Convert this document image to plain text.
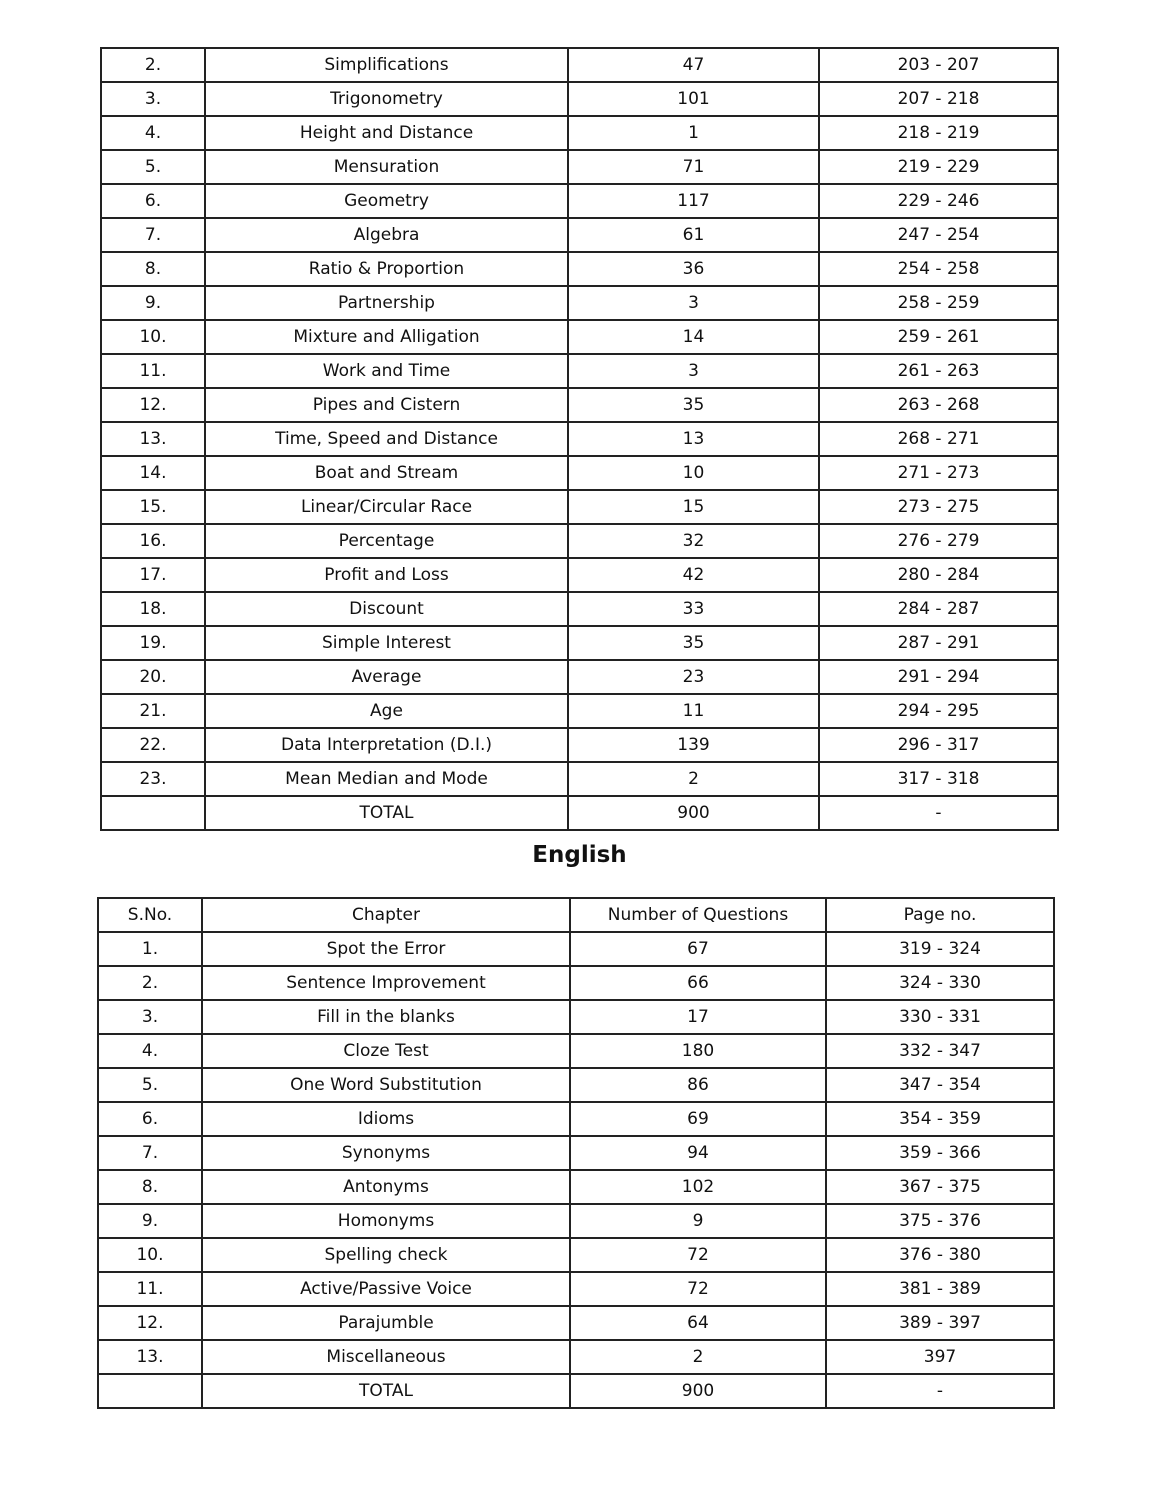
2.	Simplifications	47	203 - 207
3.	Trigonometry	101	207 - 218
4.	Height and Distance	1	218 - 219
5.	Mensuration	71	219 - 229
6.	Geometry	117	229 - 246
7.	Algebra	61	247 - 254
8.	Ratio & Proportion	36	254 - 258
9.	Partnership	3	258 - 259
10.	Mixture and Alligation	14	259 - 261
11.	Work and Time	3	261 - 263
12.	Pipes and Cistern	35	263 - 268
13.	Time, Speed and Distance	13	268 - 271
14.	Boat and Stream	10	271 - 273
15.	Linear/Circular Race	15	273 - 275
16.	Percentage	32	276 - 279
17.	Profit and Loss	42	280 - 284
18.	Discount	33	284 - 287
19.	Simple Interest	35	287 - 291
20.	Average	23	291 - 294
21.	Age	11	294 - 295
22.	Data Interpretation (D.I.)	139	296 - 317
23.	Mean Median and Mode	2	317 - 318
	TOTAL	900	-
English
S.No.	Chapter	Number of Questions	Page no.
1.	Spot the Error	67	319 - 324
2.	Sentence Improvement	66	324 - 330
3.	Fill in the blanks	17	330 - 331
4.	Cloze Test	180	332 - 347
5.	One Word Substitution	86	347 - 354
6.	Idioms	69	354 - 359
7.	Synonyms	94	359 - 366
8.	Antonyms	102	367 - 375
9.	Homonyms	9	375 - 376
10.	Spelling check	72	376 - 380
11.	Active/Passive Voice	72	381 - 389
12.	Parajumble	64	389 - 397
13.	Miscellaneous	2	397
	TOTAL	900	-
